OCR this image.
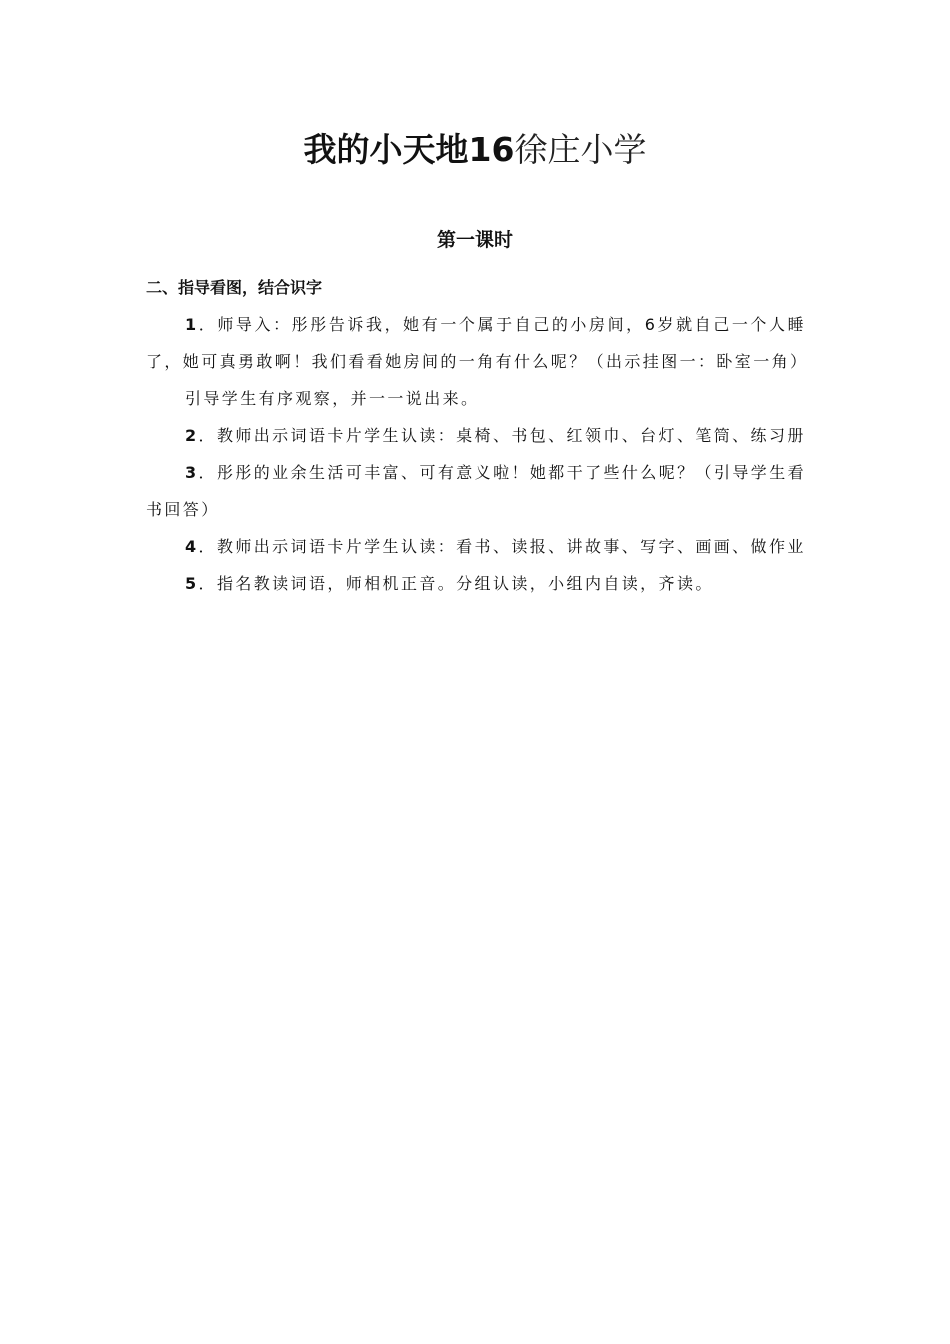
我的小天地16徐庄小学
第一课时
二、指导看图，结合识字

1．师导入：彤彤告诉我，她有一个属于自己的小房间，6岁就自己一个人睡了，她可真勇敢啊！我们看看她房间的一角有什么呢？（出示挂图一：卧室一角）

引导学生有序观察，并一一说出来。

2．教师出示词语卡片学生认读：桌椅、书包、红领巾、台灯、笔筒、练习册

3．彤彤的业余生活可丰富、可有意义啦！她都干了些什么呢？（引导学生看书回答）

4．教师出示词语卡片学生认读：看书、读报、讲故事、写字、画画、做作业

5．指名教读词语，师相机正音。分组认读，小组内自读，齐读。
